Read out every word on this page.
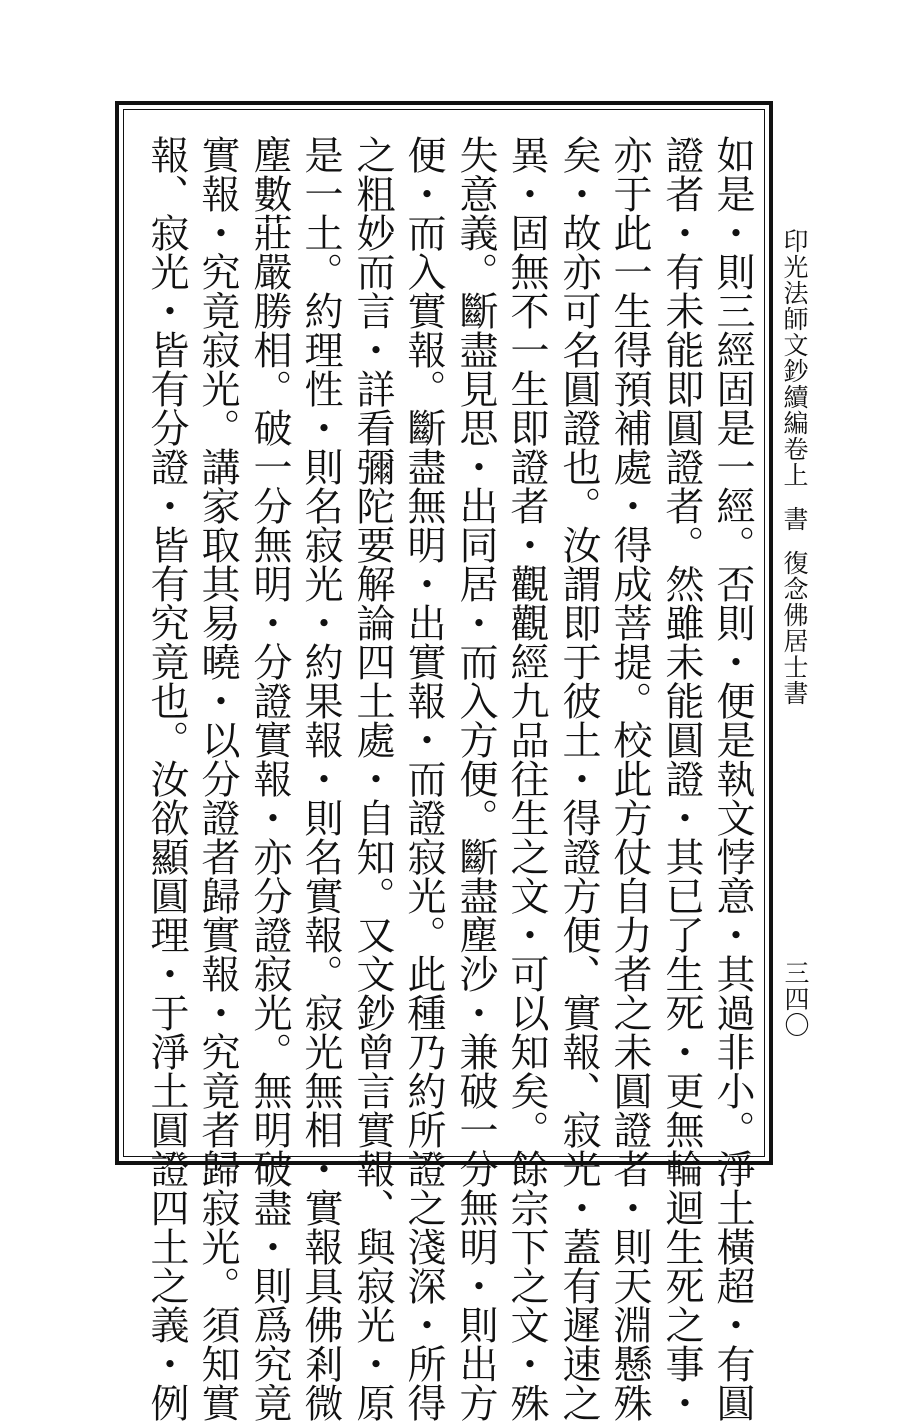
印光法師文鈔續編卷上書復念佛居士書
三四〇
如是・則三經固是一經。否則・便是執文悖意・其過非小。淨土橫超・有圓
證者・有未能即圓證者。然雖未能圓證・其已了生死・更無輪迴生死之事・
亦于此一生得預補處・得成菩提。校此方仗自力者之未圓證者・則天淵懸殊
矣・故亦可名圓證也。汝謂即于彼土・得證方便、實報、寂光・蓋有遲速之
異・固無不一生即證者・觀觀經九品往生之文・可以知矣。餘宗下之文・殊
失意義。斷盡見思・出同居・而入方便。斷盡塵沙・兼破一分無明・則出方
便・而入實報。斷盡無明・出實報・而證寂光。此種乃約所證之淺深・所得
之粗妙而言・詳看彌陀要解論四土處・自知。又文鈔曾言實報、與寂光・原
是一土。約理性・則名寂光・約果報・則名實報。寂光無相・實報具佛剎微
塵數莊嚴勝相。破一分無明・分證實報・亦分證寂光。無明破盡・則爲究竟
實報・究竟寂光。講家取其易曉・以分證者歸實報・究竟者歸寂光。須知實
報、寂光・皆有分證・皆有究竟也。汝欲顯圓理・于淨土圓證四土之義・例
